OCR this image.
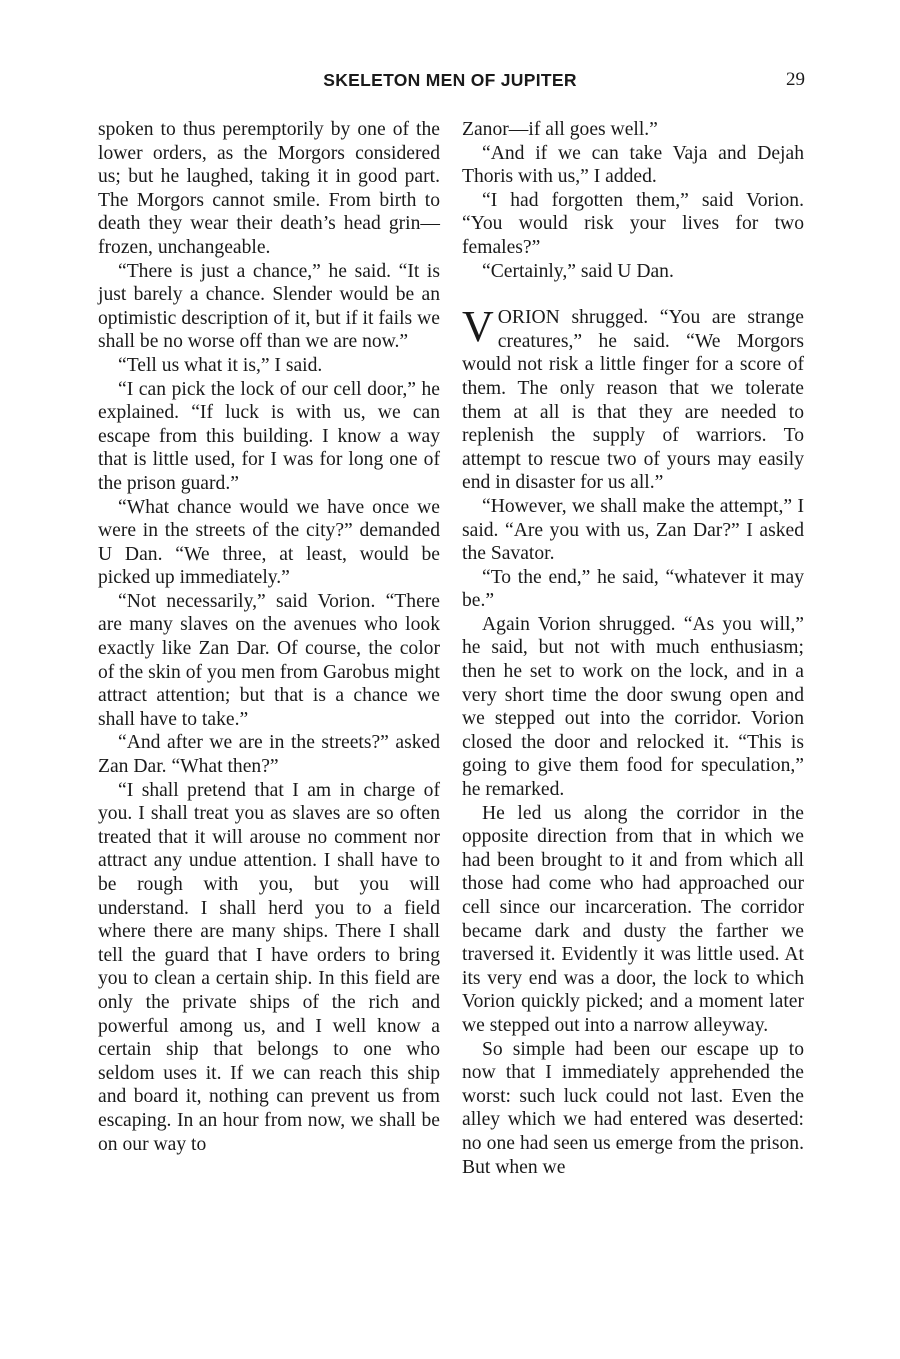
SKELETON MEN OF JUPITER	29

spoken to thus peremptorily by one of the lower orders, as the Morgors considered us; but he laughed, taking it in good part. The Morgors cannot smile. From birth to death they wear their death’s head grin—frozen, unchangeable.

“There is just a chance,” he said. “It is just barely a chance. Slender would be an optimistic description of it, but if it fails we shall be no worse off than we are now.”

“Tell us what it is,” I said.

“I can pick the lock of our cell door,” he explained. “If luck is with us, we can escape from this building. I know a way that is little used, for I was for long one of the prison guard.”

“What chance would we have once we were in the streets of the city?” demanded U Dan. “We three, at least, would be picked up immediately.”

“Not necessarily,” said Vorion. “There are many slaves on the avenues who look exactly like Zan Dar. Of course, the color of the skin of you men from Garobus might attract attention; but that is a chance we shall have to take.”

“And after we are in the streets?” asked Zan Dar. “What then?”

“I shall pretend that I am in charge of you. I shall treat you as slaves are so often treated that it will arouse no comment nor attract any undue attention. I shall have to be rough with you, but you will understand. I shall herd you to a field where there are many ships. There I shall tell the guard that I have orders to bring you to clean a certain ship. In this field are only the private ships of the rich and powerful among us, and I well know a certain ship that belongs to one who seldom uses it. If we can reach this ship and board it, nothing can prevent us from escaping. In an hour from now, we shall be on our way to

Zanor—if all goes well.”

“And if we can take Vaja and Dejah Thoris with us,” I added.

“I had forgotten them,” said Vorion. “You would risk your lives for two females?”

“Certainly,” said U Dan.

VORION shrugged. “You are strange creatures,” he said. “We Morgors would not risk a little finger for a score of them. The only reason that we tolerate them at all is that they are needed to replenish the supply of warriors. To attempt to rescue two of yours may easily end in disaster for us all.”

“However, we shall make the attempt,” I said. “Are you with us, Zan Dar?” I asked the Savator.

“To the end,” he said, “whatever it may be.”

Again Vorion shrugged. “As you will,” he said, but not with much enthusiasm; then he set to work on the lock, and in a very short time the door swung open and we stepped out into the corridor. Vorion closed the door and relocked it. “This is going to give them food for speculation,” he remarked.

He led us along the corridor in the opposite direction from that in which we had been brought to it and from which all those had come who had approached our cell since our incarceration. The corridor became dark and dusty the farther we traversed it. Evidently it was little used. At its very end was a door, the lock to which Vorion quickly picked; and a moment later we stepped out into a narrow alleyway.

So simple had been our escape up to now that I immediately apprehended the worst: such luck could not last. Even the alley which we had entered was deserted: no one had seen us emerge from the prison. But when we
